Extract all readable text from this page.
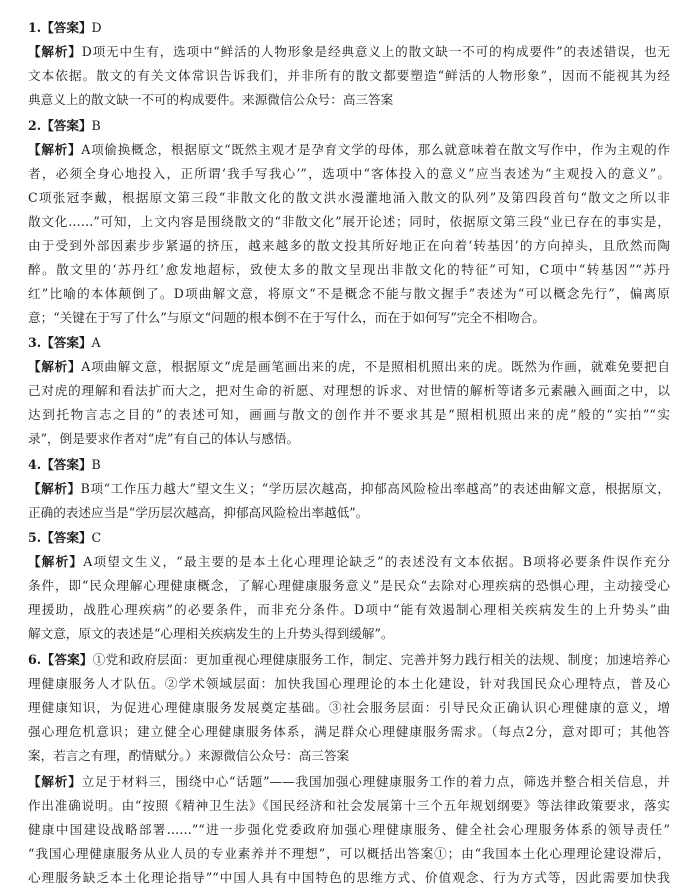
1.【答案】D
【解析】D项无中生有，选项中“鲜活的人物形象是经典意义上的散文缺一不可的构成要件”的表述错误，也无
文本依据。散文的有关文体常识告诉我们，并非所有的散文都要塑造“鲜活的人物形象”，因而不能视其为经
典意义上的散文缺一不可的构成要件。来源微信公众号：高三答案
2.【答案】B
【解析】A项偷换概念，根据原文“既然主观才是孕育文学的母体，那么就意味着在散文写作中，作为主观的作
者，必须全身心地投入，正所谓‘我手写我心’”，选项中“客体投入的意义”应当表述为“主观投入的意义”。
C项张冠李戴，根据原文第三段“非散文化的散文洪水漫灌地涌入散文的队列”及第四段首句“散文之所以非
散文化……”可知，上文内容是围绕散文的“非散文化”展开论述；同时，依据原文第三段“业已存在的事实是，
由于受到外部因素步步紧逼的挤压，越来越多的散文投其所好地正在向着‘转基因’的方向掉头，且欣然而陶
醉。散文里的‘苏丹红’愈发地超标，致使太多的散文呈现出非散文化的特征”可知，C项中“转基因”“苏丹
红”比喻的本体颠倒了。D项曲解文意，将原文“不是概念不能与散文握手”表述为“可以概念先行”，偏离原
意；“关键在于写了什么”与原文“问题的根本倒不在于写什么，而在于如何写”完全不相吻合。
3.【答案】A
【解析】A项曲解文意，根据原文“虎是画笔画出来的虎，不是照相机照出来的虎。既然为作画，就难免要把自
己对虎的理解和看法扩而大之，把对生命的祈愿、对理想的诉求、对世情的解析等诸多元素融入画面之中，以
达到托物言志之目的”的表述可知，画画与散文的创作并不要求其是“照相机照出来的虎”般的“实拍”“实
录”，倒是要求作者对“虎”有自己的体认与感悟。
4.【答案】B
【解析】B项“工作压力越大”望文生义；“学历层次越高，抑郁高风险检出率越高”的表述曲解文意，根据原文，
正确的表述应当是“学历层次越高，抑郁高风险检出率越低”。
5.【答案】C
【解析】A项望文生义，“最主要的是本土化心理理论缺乏”的表述没有文本依据。B项将必要条件误作充分
条件，即“民众理解心理健康概念，了解心理健康服务意义”是民众“去除对心理疾病的恐惧心理，主动接受心
理援助，战胜心理疾病”的必要条件，而非充分条件。D项中“能有效遏制心理相关疾病发生的上升势头”曲
解文意，原文的表述是“心理相关疾病发生的上升势头得到缓解”。
6.【答案】①党和政府层面：更加重视心理健康服务工作，制定、完善并努力践行相关的法规、制度；加速培养心
理健康服务人才队伍。②学术领域层面：加快我国心理理论的本土化建设，针对我国民众心理特点，普及心
理健康知识，为促进心理健康服务发展奠定基础。③社会服务层面：引导民众正确认识心理健康的意义，增
强心理危机意识；建立健全心理健康服务体系，满足群众心理健康服务需求。（每点2分，意对即可；其他答
案，若言之有理，酌情赋分。）来源微信公众号：高三答案
【解析】立足于材料三，围绕中心“话题”——我国加强心理健康服务工作的着力点，筛选并整合相关信息，并
作出准确说明。由“按照《精神卫生法》《国民经济和社会发展第十三个五年规划纲要》等法律政策要求，落实
健康中国建设战略部署……”“进一步强化党委政府加强心理健康服务、健全社会心理服务体系的领导责任”
“我国心理健康服务从业人员的专业素养并不理想”，可以概括出答案①；由“我国本土化心理理论建设滞后，
心理服务缺乏本土化理论指导”“中国人具有中国特色的思维方式、价值观念、行为方式等，因此需要加快我
